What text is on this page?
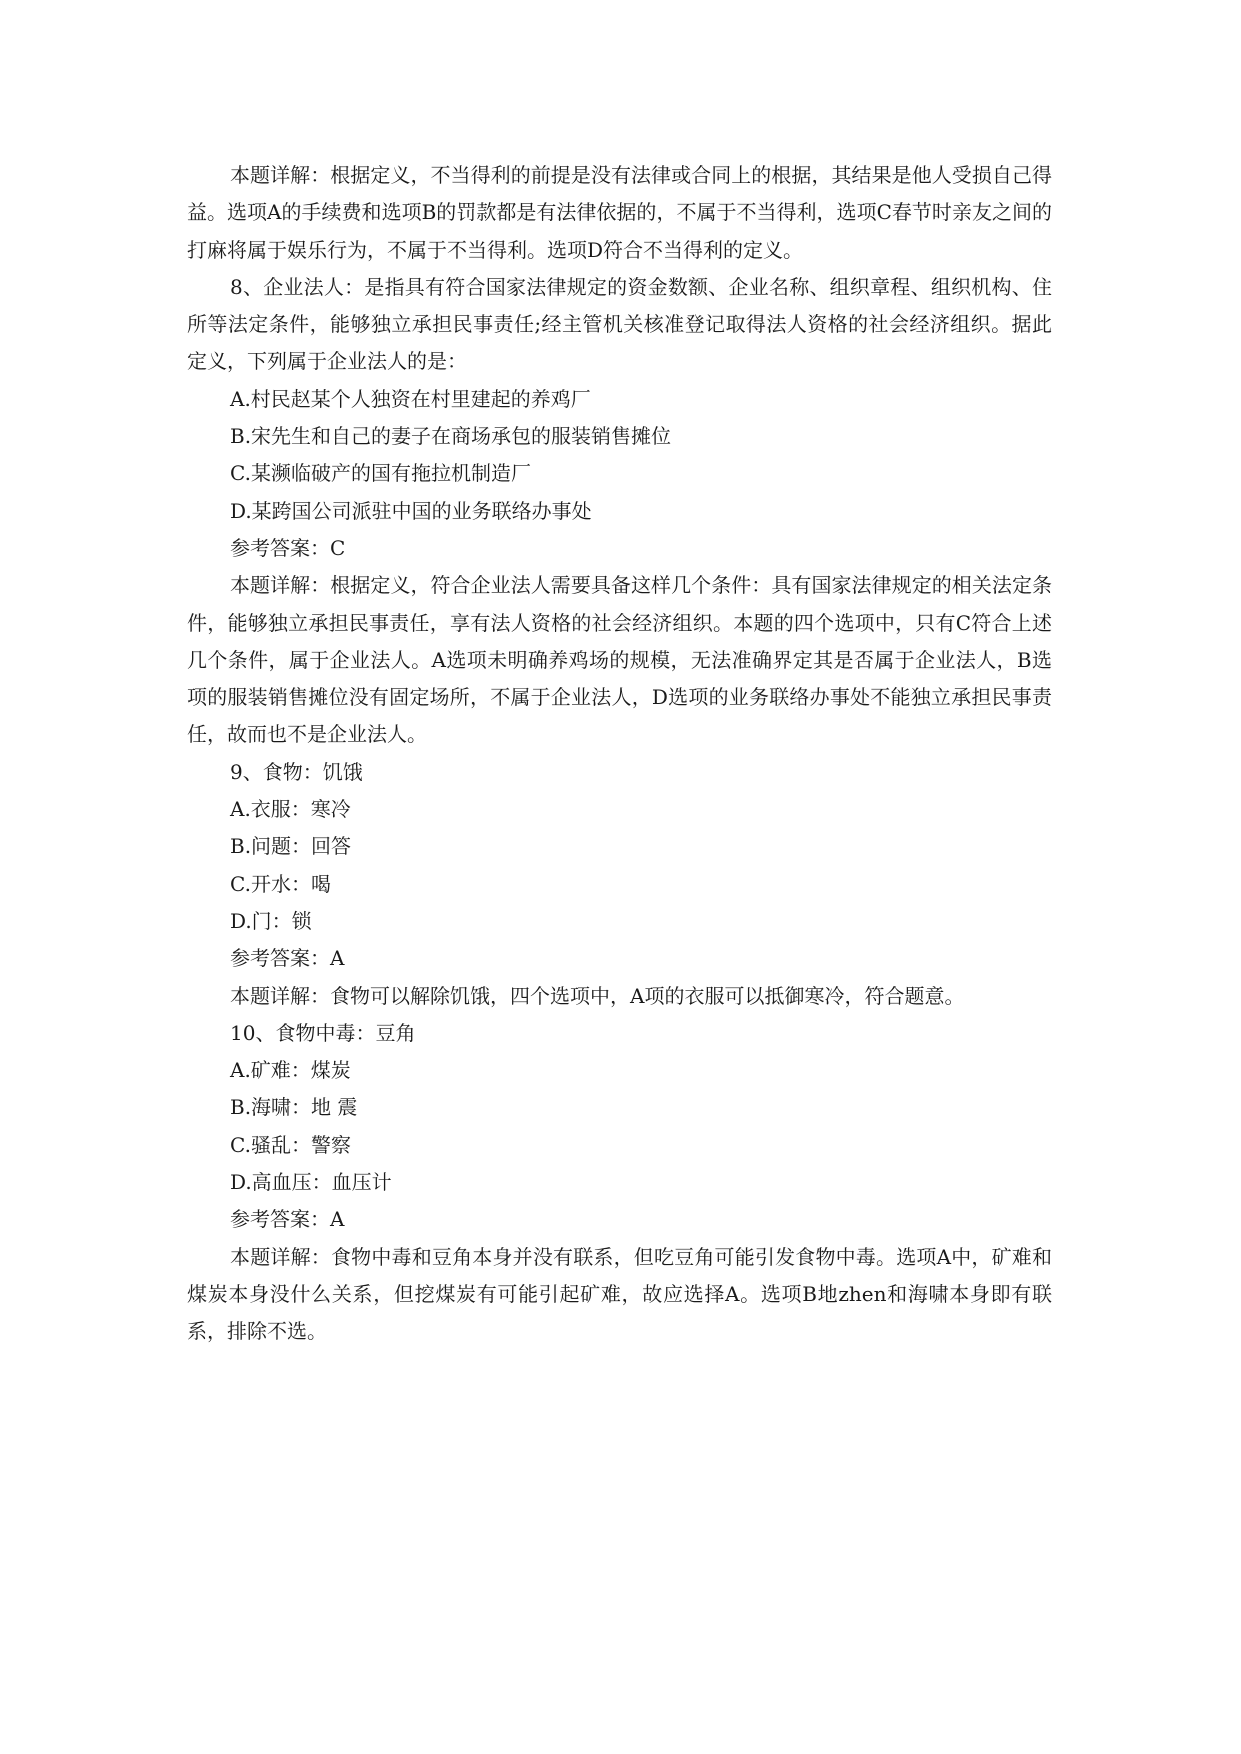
本题详解：根据定义，不当得利的前提是没有法律或合同上的根据，其结果是他人受损自己得益。选项A的手续费和选项B的罚款都是有法律依据的，不属于不当得利，选项C春节时亲友之间的打麻将属于娱乐行为，不属于不当得利。选项D符合不当得利的定义。

8、企业法人：是指具有符合国家法律规定的资金数额、企业名称、组织章程、组织机构、住所等法定条件，能够独立承担民事责任;经主管机关核准登记取得法人资格的社会经济组织。据此定义，下列属于企业法人的是：

A.村民赵某个人独资在村里建起的养鸡厂

B.宋先生和自己的妻子在商场承包的服装销售摊位

C.某濒临破产的国有拖拉机制造厂

D.某跨国公司派驻中国的业务联络办事处

参考答案：C

本题详解：根据定义，符合企业法人需要具备这样几个条件：具有国家法律规定的相关法定条件，能够独立承担民事责任，享有法人资格的社会经济组织。本题的四个选项中，只有C符合上述几个条件，属于企业法人。A选项未明确养鸡场的规模，无法准确界定其是否属于企业法人，B选项的服装销售摊位没有固定场所，不属于企业法人，D选项的业务联络办事处不能独立承担民事责任，故而也不是企业法人。

9、食物：饥饿

A.衣服：寒冷

B.问题：回答

C.开水：喝

D.门：锁

参考答案：A

本题详解：食物可以解除饥饿，四个选项中，A项的衣服可以抵御寒冷，符合题意。

10、食物中毒：豆角

A.矿难：煤炭

B.海啸：地 震

C.骚乱：警察

D.高血压：血压计

参考答案：A

本题详解：食物中毒和豆角本身并没有联系，但吃豆角可能引发食物中毒。选项A中，矿难和煤炭本身没什么关系，但挖煤炭有可能引起矿难，故应选择A。选项B地zhen和海啸本身即有联系，排除不选。
